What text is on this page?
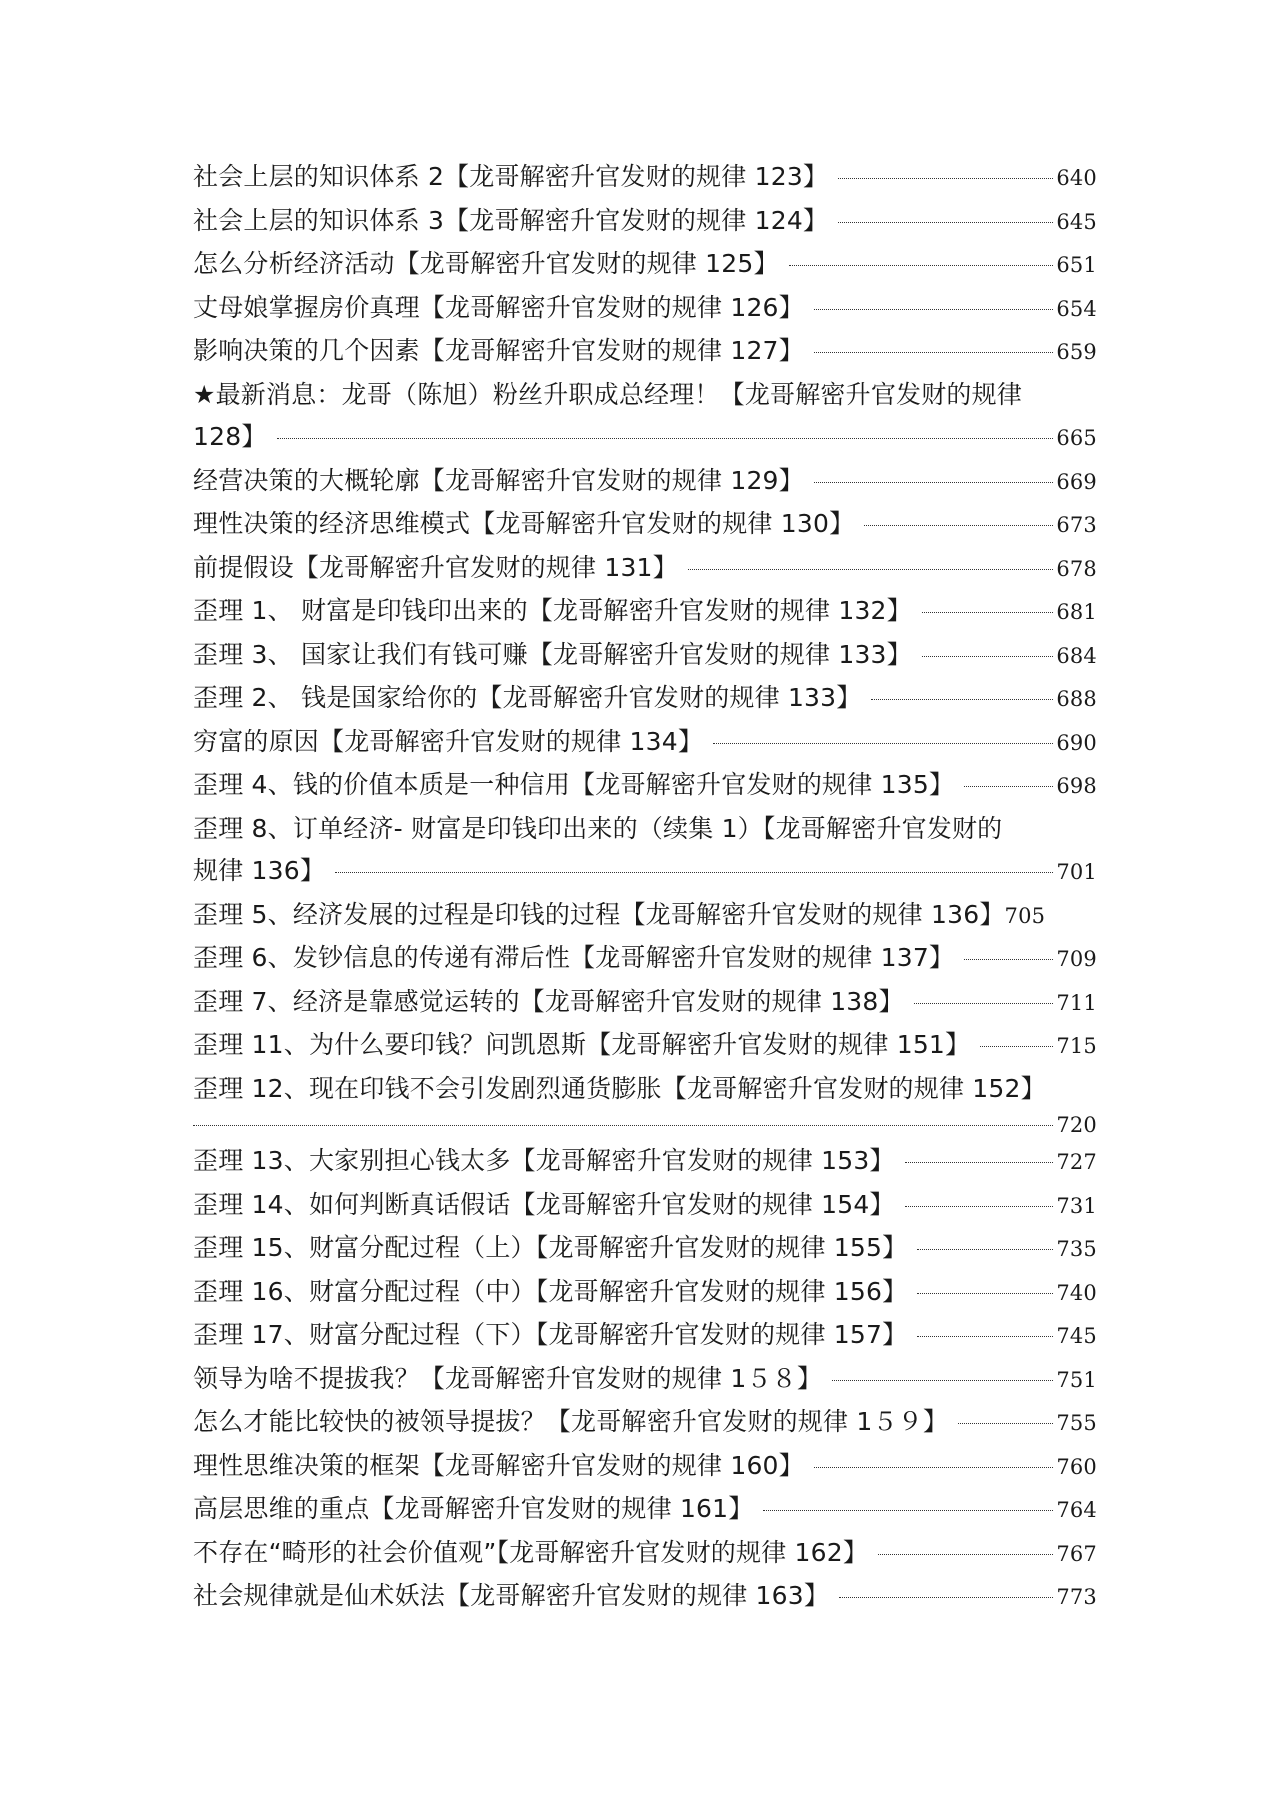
社会上层的知识体系 2【龙哥解密升官发财的规律 123】	640
社会上层的知识体系 3【龙哥解密升官发财的规律 124】	645
怎么分析经济活动【龙哥解密升官发财的规律 125】	651
丈母娘掌握房价真理【龙哥解密升官发财的规律 126】	654
影响决策的几个因素【龙哥解密升官发财的规律 127】	659
★最新消息：龙哥（陈旭）粉丝升职成总经理！【龙哥解密升官发财的规律
128】	665
经营决策的大概轮廓【龙哥解密升官发财的规律 129】	669
理性决策的经济思维模式【龙哥解密升官发财的规律 130】	673
前提假设【龙哥解密升官发财的规律 131】	678
歪理 1、 财富是印钱印出来的【龙哥解密升官发财的规律 132】	681
歪理 3、 国家让我们有钱可赚【龙哥解密升官发财的规律 133】	684
歪理 2、 钱是国家给你的【龙哥解密升官发财的规律 133】	688
穷富的原因【龙哥解密升官发财的规律 134】	690
歪理 4、钱的价值本质是一种信用【龙哥解密升官发财的规律 135】	698
歪理 8、订单经济- 财富是印钱印出来的（续集 1）【龙哥解密升官发财的
规律 136】	701
歪理 5、经济发展的过程是印钱的过程【龙哥解密升官发财的规律 136】 705
歪理 6、发钞信息的传递有滞后性【龙哥解密升官发财的规律 137】	709
歪理 7、经济是靠感觉运转的【龙哥解密升官发财的规律 138】	711
歪理 11、为什么要印钱？问凯恩斯【龙哥解密升官发财的规律 151】	715
歪理 12、现在印钱不会引发剧烈通货膨胀【龙哥解密升官发财的规律 152】
720
歪理 13、大家别担心钱太多【龙哥解密升官发财的规律 153】	727
歪理 14、如何判断真话假话【龙哥解密升官发财的规律 154】	731
歪理 15、财富分配过程（上）【龙哥解密升官发财的规律 155】	735
歪理 16、财富分配过程（中）【龙哥解密升官发财的规律 156】	740
歪理 17、财富分配过程（下）【龙哥解密升官发财的规律 157】	745
领导为啥不提拔我？【龙哥解密升官发财的规律 1５８】	751
怎么才能比较快的被领导提拔？【龙哥解密升官发财的规律 1５９】	755
理性思维决策的框架【龙哥解密升官发财的规律 160】	760
高层思维的重点【龙哥解密升官发财的规律 161】	764
不存在“畸形的社会价值观”【龙哥解密升官发财的规律 162】	767
社会规律就是仙术妖法【龙哥解密升官发财的规律 163】	773
